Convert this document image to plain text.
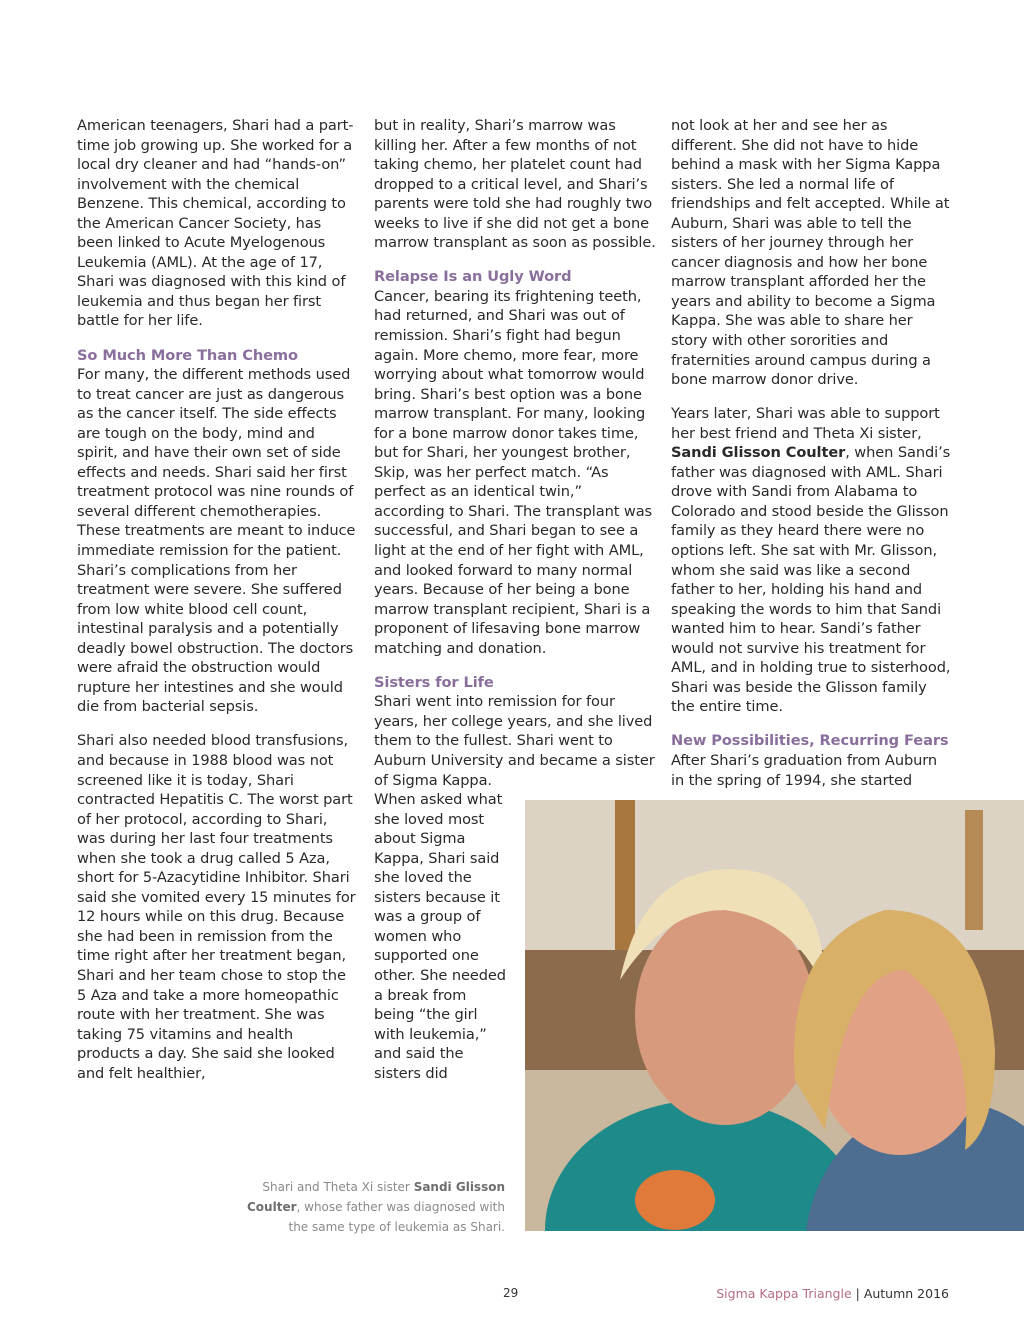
American teenagers, Shari had a part-time job growing up. She worked for a local dry cleaner and had “hands-on” involvement with the chemical Benzene. This chemical, according to the American Cancer Society, has been linked to Acute Myelogenous Leukemia (AML). At the age of 17, Shari was diagnosed with this kind of leukemia and thus began her first battle for her life.

So Much More Than Chemo

For many, the different methods used to treat cancer are just as dangerous as the cancer itself. The side effects are tough on the body, mind and spirit, and have their own set of side effects and needs. Shari said her first treatment protocol was nine rounds of several different chemotherapies. These treatments are meant to induce immediate remission for the patient. Shari’s complications from her treatment were severe. She suffered from low white blood cell count, intestinal paralysis and a potentially deadly bowel obstruction. The doctors were afraid the obstruction would rupture her intestines and she would die from bacterial sepsis.

Shari also needed blood transfusions, and because in 1988 blood was not screened like it is today, Shari contracted Hepatitis C. The worst part of her protocol, according to Shari, was during her last four treatments when she took a drug called 5 Aza, short for 5-Azacytidine Inhibitor. Shari said she vomited every 15 minutes for 12 hours while on this drug. Because she had been in remission from the time right after her treatment began, Shari and her team chose to stop the 5 Aza and take a more homeopathic route with her treatment. She was taking 75 vitamins and health products a day. She said she looked and felt healthier,

but in reality, Shari’s marrow was killing her. After a few months of not taking chemo, her platelet count had dropped to a critical level, and Shari’s parents were told she had roughly two weeks to live if she did not get a bone marrow transplant as soon as possible.

Relapse Is an Ugly Word

Cancer, bearing its frightening teeth, had returned, and Shari was out of remission. Shari’s fight had begun again. More chemo, more fear, more worrying about what tomorrow would bring. Shari’s best option was a bone marrow transplant. For many, looking for a bone marrow donor takes time, but for Shari, her youngest brother, Skip, was her perfect match. “As perfect as an identical twin,” according to Shari. The transplant was successful, and Shari began to see a light at the end of her fight with AML, and looked forward to many normal years. Because of her being a bone marrow transplant recipient, Shari is a proponent of lifesaving bone marrow matching and donation.

Sisters for Life

Shari went into remission for four years, her college years, and she lived them to the fullest. Shari went to Auburn University and became a sister of Sigma Kappa.

When asked what she loved most about Sigma Kappa, Shari said she loved the sisters because it was a group of women who supported one other. She needed a break from being “the girl with leukemia,” and said the sisters did

not look at her and see her as different. She did not have to hide behind a mask with her Sigma Kappa sisters. She led a normal life of friendships and felt accepted. While at Auburn, Shari was able to tell the sisters of her journey through her cancer diagnosis and how her bone marrow transplant afforded her the years and ability to become a Sigma Kappa. She was able to share her story with other sororities and fraternities around campus during a bone marrow donor drive.

Years later, Shari was able to support her best friend and Theta Xi sister, Sandi Glisson Coulter, when Sandi’s father was diagnosed with AML. Shari drove with Sandi from Alabama to Colorado and stood beside the Glisson family as they heard there were no options left. She sat with Mr. Glisson, whom she said was like a second father to her, holding his hand and speaking the words to him that Sandi wanted him to hear. Sandi’s father would not survive his treatment for AML, and in holding true to sisterhood, Shari was beside the Glisson family the entire time.

New Possibilities, Recurring Fears

After Shari’s graduation from Auburn in the spring of 1994, she started

Shari and Theta Xi sister Sandi Glisson Coulter, whose father was diagnosed with the same type of leukemia as Shari.
29	Sigma Kappa Triangle | Autumn 2016
